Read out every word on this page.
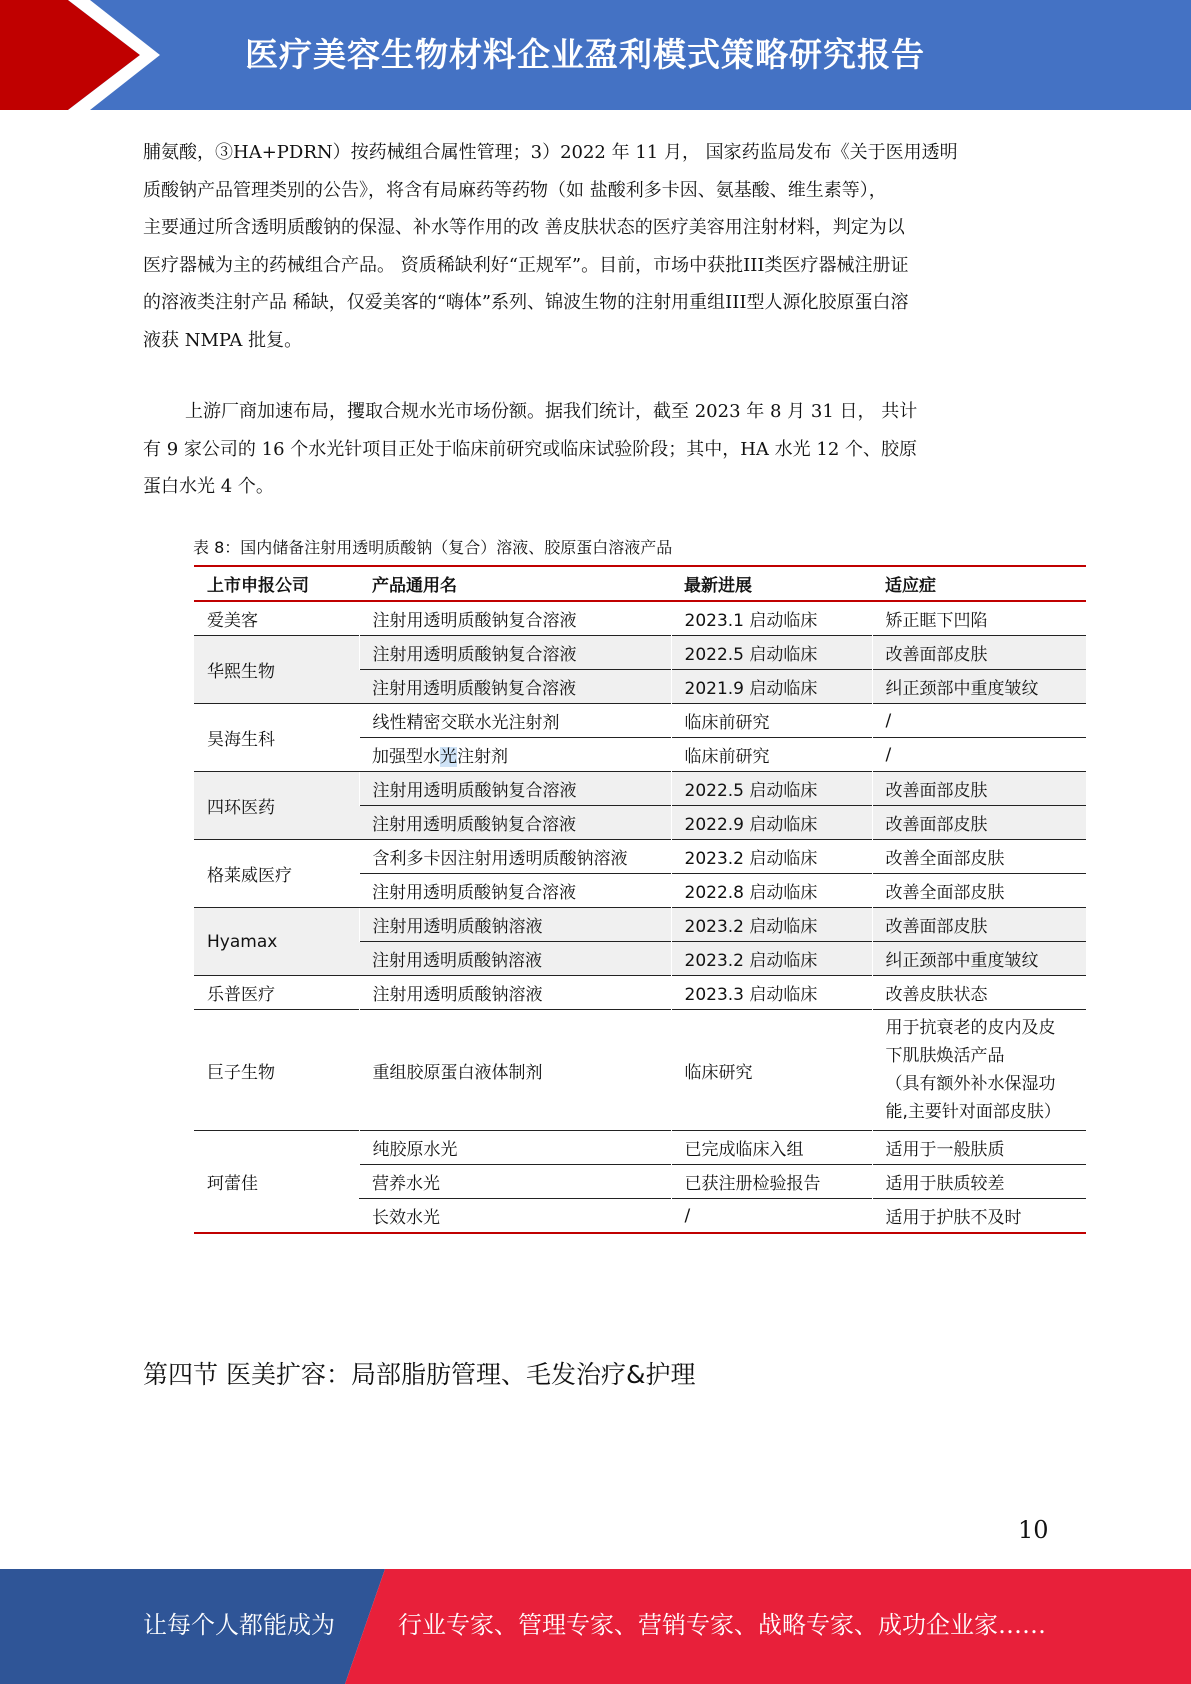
医疗美容生物材料企业盈利模式策略研究报告
脯氨酸，③HA+PDRN）按药械组合属性管理；3）2022 年 11 月， 国家药监局发布《关于医用透明
质酸钠产品管理类别的公告》，将含有局麻药等药物（如 盐酸利多卡因、氨基酸、维生素等），
主要通过所含透明质酸钠的保湿、补水等作用的改 善皮肤状态的医疗美容用注射材料，判定为以
医疗器械为主的药械组合产品。 资质稀缺利好“正规军”。目前，市场中获批III类医疗器械注册证
的溶液类注射产品 稀缺，仅爱美客的“嗨体”系列、锦波生物的注射用重组III型人源化胶原蛋白溶
液获 NMPA 批复。
上游厂商加速布局，攫取合规水光市场份额。据我们统计，截至 2023 年 8 月 31 日， 共计
有 9 家公司的 16 个水光针项目正处于临床前研究或临床试验阶段；其中，HA 水光 12 个、胶原
蛋白水光 4 个。
表 8：国内储备注射用透明质酸钠（复合）溶液、胶原蛋白溶液产品
上市申报公司	产品通用名	最新进展	适应症
爱美客	注射用透明质酸钠复合溶液	2023.1 启动临床	矫正眶下凹陷
华熙生物	注射用透明质酸钠复合溶液	2022.5 启动临床	改善面部皮肤
	注射用透明质酸钠复合溶液	2021.9 启动临床	纠正颈部中重度皱纹
昊海生科	线性精密交联水光注射剂	临床前研究	/
	加强型水光注射剂	临床前研究	/
四环医药	注射用透明质酸钠复合溶液	2022.5 启动临床	改善面部皮肤
	注射用透明质酸钠复合溶液	2022.9 启动临床	改善面部皮肤
格莱威医疗	含利多卡因注射用透明质酸钠溶液	2023.2 启动临床	改善全面部皮肤
	注射用透明质酸钠复合溶液	2022.8 启动临床	改善全面部皮肤
Hyamax	注射用透明质酸钠溶液	2023.2 启动临床	改善面部皮肤
	注射用透明质酸钠溶液	2023.2 启动临床	纠正颈部中重度皱纹
乐普医疗	注射用透明质酸钠溶液	2023.3 启动临床	改善皮肤状态
巨子生物	重组胶原蛋白液体制剂	临床研究	用于抗衰老的皮内及皮
下肌肤焕活产品
（具有额外补水保湿功
能,主要针对面部皮肤）

珂蕾佳	纯胶原水光	已完成临床入组	适用于一般肤质
	营养水光	已获注册检验报告	适用于肤质较差
	长效水光	/	适用于护肤不及时
第四节 医美扩容：局部脂肪管理、毛发治疗&护理
10
让每个人都能成为	行业专家、管理专家、营销专家、战略专家、成功企业家……
